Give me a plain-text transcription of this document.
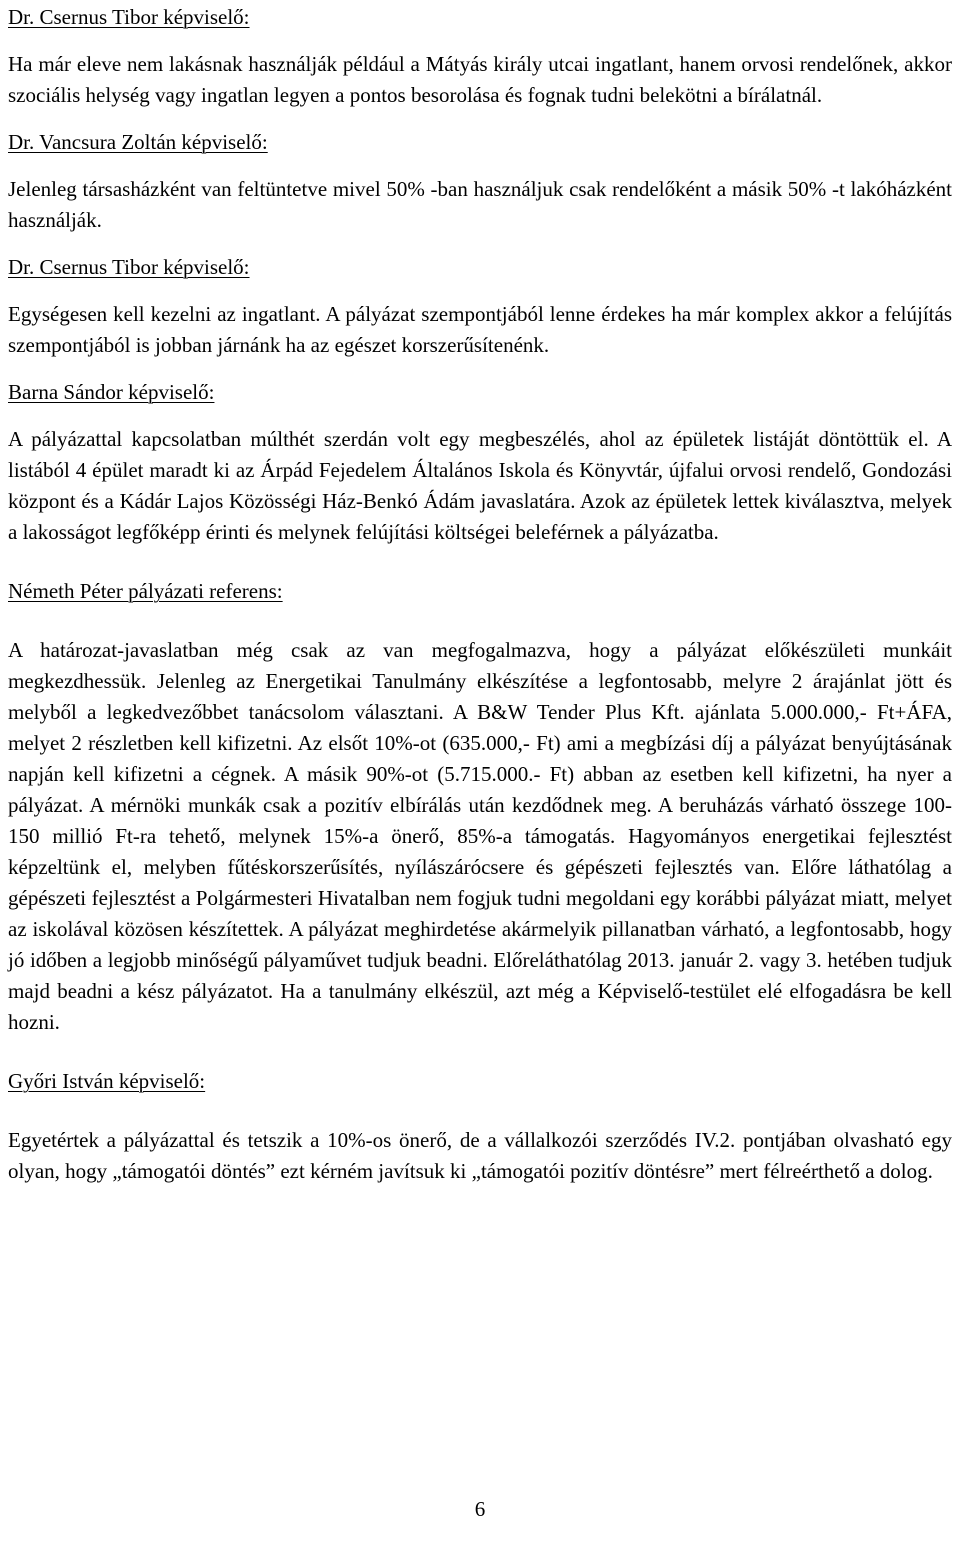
Dr. Csernus Tibor képviselő:

Ha már eleve nem lakásnak használják például a Mátyás király utcai ingatlant, hanem orvosi rendelőnek, akkor szociális helység vagy ingatlan legyen a pontos besorolása és fognak tudni belekötni a bírálatnál.

Dr. Vancsura Zoltán képviselő:

Jelenleg társasházként van feltüntetve mivel 50% -ban használjuk csak rendelőként a másik 50% -t lakóházként használják.

Dr. Csernus Tibor képviselő:

Egységesen kell kezelni az ingatlant. A pályázat szempontjából lenne érdekes ha már komplex akkor a felújítás szempontjából is jobban járnánk ha az egészet korszerűsítenénk.

Barna Sándor képviselő:

A pályázattal kapcsolatban múlthét szerdán volt egy megbeszélés, ahol az épületek listáját döntöttük el. A listából 4 épület maradt ki az Árpád Fejedelem Általános Iskola és Könyvtár, újfalui orvosi rendelő, Gondozási központ és a Kádár Lajos Közösségi Ház-Benkó Ádám javaslatára. Azok az épületek lettek kiválasztva, melyek a lakosságot legfőképp érinti és melynek felújítási költségei beleférnek a pályázatba.

Németh Péter pályázati referens:

A határozat-javaslatban még csak az van megfogalmazva, hogy a pályázat előkészületi munkáit megkezdhessük. Jelenleg az Energetikai Tanulmány elkészítése a legfontosabb, melyre 2 árajánlat jött és melyből a legkedvezőbbet tanácsolom választani. A B&W Tender Plus Kft. ajánlata 5.000.000,- Ft+ÁFA, melyet 2 részletben kell kifizetni. Az elsőt 10%-ot (635.000,- Ft) ami a megbízási díj a pályázat benyújtásának napján kell kifizetni a cégnek. A másik 90%-ot (5.715.000.- Ft) abban az esetben kell kifizetni, ha nyer a pályázat. A mérnöki munkák csak a pozitív elbírálás után kezdődnek meg. A beruházás várható összege 100-150 millió Ft-ra tehető, melynek 15%-a önerő, 85%-a támogatás. Hagyományos energetikai fejlesztést képzeltünk el, melyben fűtéskorszerűsítés, nyílászárócsere és gépészeti fejlesztés van. Előre láthatólag a gépészeti fejlesztést a Polgármesteri Hivatalban nem fogjuk tudni megoldani egy korábbi pályázat miatt, melyet az iskolával közösen készítettek. A pályázat meghirdetése akármelyik pillanatban várható, a legfontosabb, hogy jó időben a legjobb minőségű pályaművet tudjuk beadni. Előreláthatólag 2013. január 2. vagy 3. hetében tudjuk majd beadni a kész pályázatot. Ha a tanulmány elkészül, azt még a Képviselő-testület elé elfogadásra be kell hozni.

Győri István képviselő:

Egyetértek a pályázattal és tetszik a 10%-os önerő, de a vállalkozói szerződés IV.2. pontjában olvasható egy olyan, hogy „támogatói döntés” ezt kérném javítsuk ki „támogatói pozitív döntésre” mert félreérthető a dolog.

6
